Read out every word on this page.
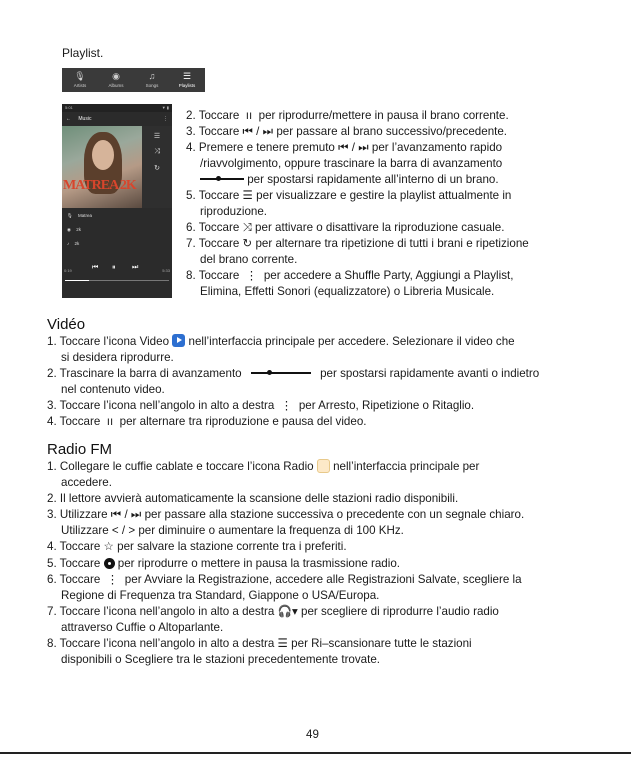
Playlist.
🎙
Artists
◉
Albums
♫
Songs
☰
Playlists
5:01	▼ ▮
← Music	⋮
MATREA 2K
☰
⤨
↻
🎙 Matrea
◉ 2k
♪ 2k
0:19	⏮ ⏸ ⏭	5:33
2. Toccare  ıı  per riprodurre/mettere in pausa il brano corrente.
3. Toccare ⏮ / ⏭ per passare al brano successivo/precedente.
4. Premere e tenere premuto ⏮ / ⏭ per l’avanzamento rapido
/riavvolgimento, oppure trascinare la barra di avanzamento
per spostarsi rapidamente all’interno di un brano.
5. Toccare ☰ per visualizzare e gestire la playlist attualmente in
riproduzione.
6. Toccare ⤨ per attivare o disattivare la riproduzione casuale.
7. Toccare ↻ per alternare tra ripetizione di tutti i brani e ripetizione
del brano corrente.
8. Toccare  ⋮  per accedere a Shuffle Party, Aggiungi a Playlist,
Elimina, Effetti Sonori (equalizzatore) o Libreria Musicale.
Vidéo
1. Toccare l’icona Video nell’interfaccia principale per accedere. Selezionare il video che
si desidera riprodurre.
2. Trascinare la barra di avanzamento	per spostarsi rapidamente avanti o indietro
nel contenuto video.
3. Toccare l’icona nell’angolo in alto a destra  ⋮  per Arresto, Ripetizione o Ritaglio.
4. Toccare  ıı  per alternare tra riproduzione e pausa del video.
Radio FM
1. Collegare le cuffie cablate e toccare l’icona Radio nell’interfaccia principale per
accedere.
2. Il lettore avvierà automaticamente la scansione delle stazioni radio disponibili.
3. Utilizzare ⏮ / ⏭ per passare alla stazione successiva o precedente con un segnale chiaro.
Utilizzare < / > per diminuire o aumentare la frequenza di 100 KHz.
4. Toccare ☆ per salvare la stazione corrente tra i preferiti.
5. Toccare per riprodurre o mettere in pausa la trasmissione radio.
6. Toccare  ⋮  per Avviare la Registrazione, accedere alle Registrazioni Salvate, scegliere la
Regione di Frequenza tra Standard, Giappone o USA/Europa.
7. Toccare l’icona nell’angolo in alto a destra 🎧▾ per scegliere di riprodurre l’audio radio
attraverso Cuffie o Altoparlante.
8. Toccare l’icona nell’angolo in alto a destra ☰ per Ri–scansionare tutte le stazioni
disponibili o Scegliere tra le stazioni precedentemente trovate.
49
